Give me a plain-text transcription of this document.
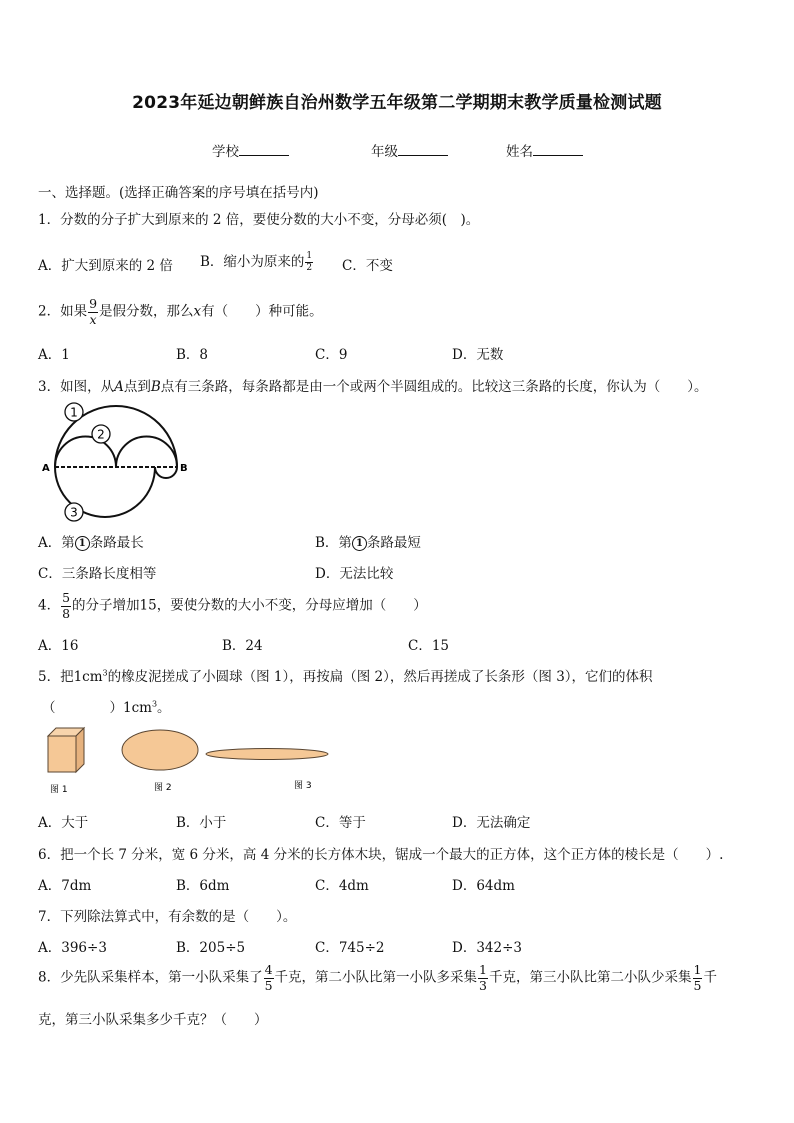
2023年延边朝鲜族自治州数学五年级第二学期期末教学质量检测试题
学校	年级	姓名
一、选择题。(选择正确答案的序号填在括号内)
1．分数的分子扩大到原来的 2 倍，要使分数的大小不变，分母必须(　)。
A．扩大到原来的 2 倍 B．缩小为原来的 $\frac{1}{2}$ C．不变
2．如果 $\frac{9}{x}$ 是假分数，那么x有（　　）种可能。
A．1	B．8	C．9	D．无数
3．如图，从A点到B点有三条路，每条路都是由一个或两个半圆组成的。比较这三条路的长度，你认为（　　）。
1
2
3
A	B
A．第 1 条路最长	B．第 1 条路最短
C．三条路长度相等	D．无法比较
4． $\frac{5}{8}$ 的分子增加15，要使分数的大小不变，分母应增加（　　）
A．16	B．24	C．15
5．把$1cm^3$的橡皮泥搓成了小圆球（图 1），再按扁（图 2），然后再搓成了长条形（图 3），它们的体积
（　　　　）$1cm^3$。
图 1	图 2	图 3
A．大于	B．小于	C．等于	D．无法确定
6．把一个长 7 分米，宽 6 分米，高 4 分米的长方体木块，锯成一个最大的正方体，这个正方体的棱长是（　　）.
A．7dm	B．6dm	C．4dm	D．64dm
7．下列除法算式中，有余数的是（　　）。
A．396÷3	B．205÷5	C．745÷2	D．342÷3
8．少先队采集样本，第一小队采集了 $\frac{4}{5}$ 千克，第二小队比第一小队多采集 $\frac{1}{3}$ 千克，第三小队比第二小队少采集 $\frac{1}{5}$ 千
克，第三小队采集多少千克？（　　）
